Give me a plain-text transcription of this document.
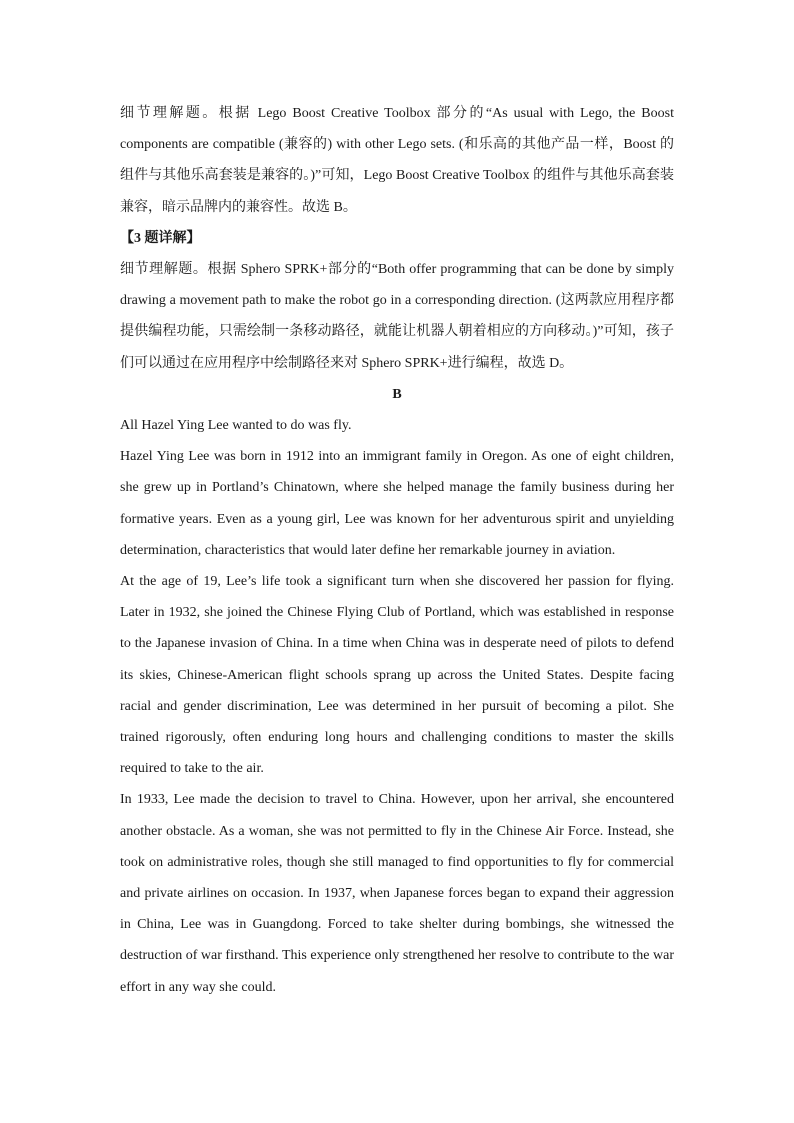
细节理解题。根据 Lego Boost Creative Toolbox 部分的“As usual with Lego, the Boost components are compatible (兼容的) with other Lego sets. (和乐高的其他产品一样，Boost 的组件与其他乐高套装是兼容的。)”可知，Lego Boost Creative Toolbox 的组件与其他乐高套装兼容，暗示品牌内的兼容性。故选 B。

【3 题详解】

细节理解题。根据 Sphero SPRK+部分的“Both offer programming that can be done by simply drawing a movement path to make the robot go in a corresponding direction. (这两款应用程序都提供编程功能，只需绘制一条移动路径，就能让机器人朝着相应的方向移动。)”可知，孩子们可以通过在应用程序中绘制路径来对 Sphero SPRK+进行编程，故选 D。

B

All Hazel Ying Lee wanted to do was fly.

Hazel Ying Lee was born in 1912 into an immigrant family in Oregon. As one of eight children, she grew up in Portland’s Chinatown, where she helped manage the family business during her formative years. Even as a young girl, Lee was known for her adventurous spirit and unyielding determination, characteristics that would later define her remarkable journey in aviation.

At the age of 19, Lee’s life took a significant turn when she discovered her passion for flying. Later in 1932, she joined the Chinese Flying Club of Portland, which was established in response to the Japanese invasion of China. In a time when China was in desperate need of pilots to defend its skies, Chinese-American flight schools sprang up across the United States. Despite facing racial and gender discrimination, Lee was determined in her pursuit of becoming a pilot. She trained rigorously, often enduring long hours and challenging conditions to master the skills required to take to the air.

In 1933, Lee made the decision to travel to China. However, upon her arrival, she encountered another obstacle. As a woman, she was not permitted to fly in the Chinese Air Force. Instead, she took on administrative roles, though she still managed to find opportunities to fly for commercial and private airlines on occasion. In 1937, when Japanese forces began to expand their aggression in China, Lee was in Guangdong. Forced to take shelter during bombings, she witnessed the destruction of war firsthand. This experience only strengthened her resolve to contribute to the war effort in any way she could.
